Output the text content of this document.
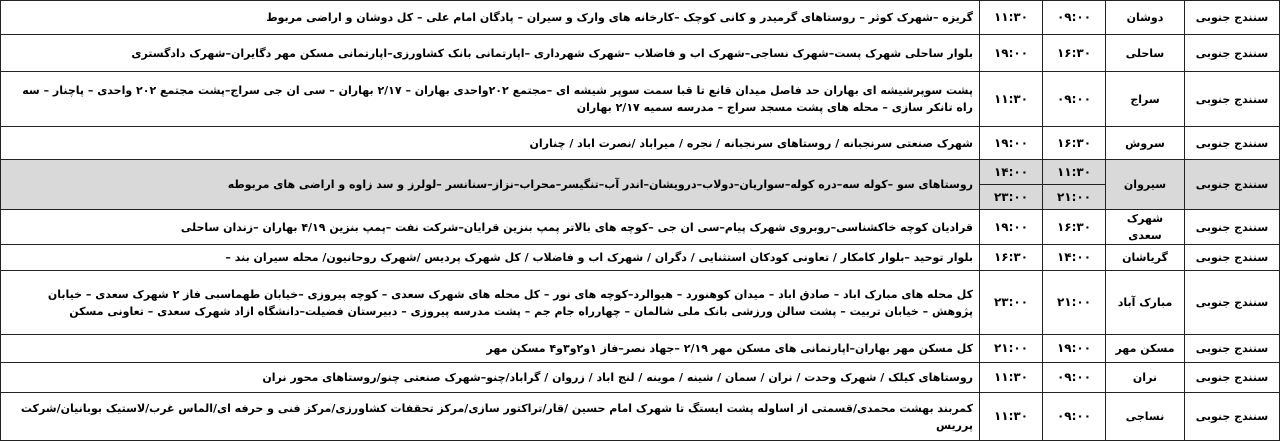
سنندج جنوبی	دوشان	۰۹:۰۰	۱۱:۳۰	گریزه –شهرک کوثر – روستاهای گرمیدر و کانی کوچک –کارخانه های وارک و سیران – پادگان امام علی – کل دوشان و اراضی مربوط
سنندج جنوبی	ساحلی	۱۶:۳۰	۱۹:۰۰	بلوار ساحلی شهرک پست–شهرک نساجی–شهرک اب و فاضلاب –شهرک شهرداری –اپارتمانی بانک کشاورزی–اپارتمانی مسکن مهر دگایران–شهرک دادگستری
سنندج جنوبی	سراج	۰۹:۰۰	۱۱:۳۰	پشت سوپرشیشه ای بهاران حد فاصل میدان قانع تا قبا سمت سوپر شیشه ای –مجتمع ۲۰۲واحدی بهاران – ۲/۱۷ بهاران – سی ان جی سراج–پشت مجتمع ۲۰۲ واحدی – پاچنار – سه راه تانکر سازی – محله های پشت مسجد سراج – مدرسه سمیه ۲/۱۷ بهاران
سنندج جنوبی	سروش	۱۶:۳۰	۱۹:۰۰	شهرک صنعتی سرنجبانه / روستاهای سرنجبانه / نجره / میراباد /نصرت اباد / چناران
سنندج جنوبی	سیروان	۱۱:۳۰	۱۴:۰۰	روستاهای سو –کوله سه–دره کوله–سواریان–دولاب–درویشان–اندر آب–تنگیسر–محراب–نزاز–سنانسر –لولرز و سد زاوه و اراضی های مربوطه
		۲۱:۰۰	۲۳:۰۰	
سنندج جنوبی	شهرک سعدی	۱۶:۳۰	۱۹:۰۰	قرادیان کوچه خاکشناسی–روبروی شهرک پیام–سی ان جی –کوچه های بالاتر پمپ بنزین قرایان–شرکت نفت –پمپ بنزین ۴/۱۹ بهاران –زندان ساحلی
سنندج جنوبی	گریاشان	۱۴:۰۰	۱۶:۳۰	بلوار توحید –بلوار کامکار / تعاونی کودکان استثنایی / دگران / شهرک اب و فاضلاب / کل شهرک پردیس /شهرک روحانیون/ محله سیران بند –
سنندج جنوبی	مبارک آباد	۲۱:۰۰	۲۳:۰۰	کل محله های مبارک اباد – صادق اباد – میدان کوهنورد – هیوالرد–کوچه های نور – کل محله های شهرک سعدی – کوچه پیروزی –خیابان طهماسبی فاز ۲ شهرک سعدی – خیابان پژوهش – خیابان تربیت – پشت سالن ورزشی بانک ملی شالمان – چهارراه جام جم – پشت مدرسه پیروزی – دبیرستان فضیلت–دانشگاه ازاد شهرک سعدی – تعاونی مسکن
سنندج جنوبی	مسکن مهر	۱۹:۰۰	۲۱:۰۰	کل مسکن مهر بهاران–اپارتمانی های مسکن مهر ۲/۱۹ –جهاد نصر–فاز ۱و۲و۳و۴ مسکن مهر
سنندج جنوبی	نران	۰۹:۰۰	۱۱:۳۰	روستاهای کیلک / شهرک وحدت / نران / سمان / شینه / موینه / لنج اباد / زروان / گراباد/چنو–شهرک صنعتی چنو/روستاهای محور نران
سنندج جنوبی	نساجی	۰۹:۰۰	۱۱:۳۰	کمربند بهشت محمدی/قسمتی از اساوله پشت ایستگ تا شهرک امام حسین /قار/تراکتور سازی/مرکز تحقفات کشاورزی/مرکز فنی و حرفه ای/الماس غرب/لاستیک بوبانیان/شرکت پرریس
